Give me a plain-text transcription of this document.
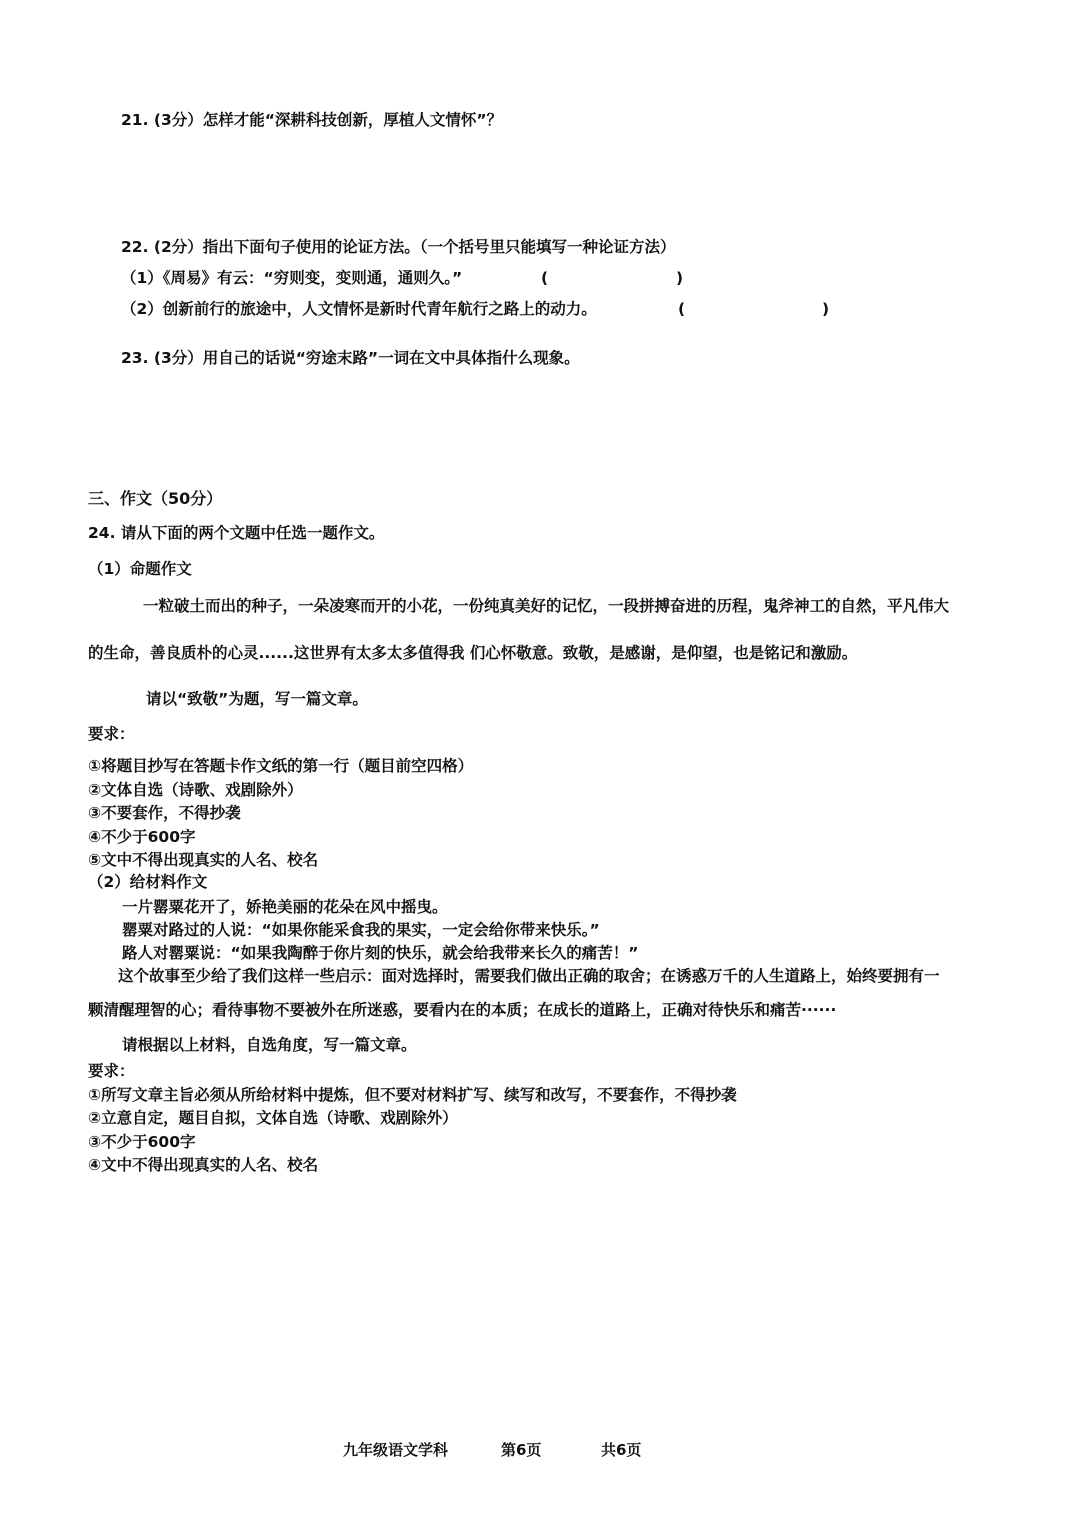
21. (3分）怎样才能“深耕科技创新，厚植人文情怀”？
22. (2分）指出下面句子使用的论证方法。（一个括号里只能填写一种论证方法）
（1）《周易》有云：“穷则变，变则通，通则久。”	(	)
（2）创新前行的旅途中，人文情怀是新时代青年航行之路上的动力。	(	)
23. (3分）用自己的话说“穷途末路”一词在文中具体指什么现象。
三、作文（50分）
24. 请从下面的两个文题中任选一题作文。
（1）命题作文
一粒破土而出的种子，一朵凌寒而开的小花，一份纯真美好的记忆，一段拼搏奋进的历程，鬼斧神工的自然，平凡伟大
的生命，善良质朴的心灵......这世界有太多太多值得我 们心怀敬意。致敬，是感谢，是仰望，也是铭记和激励。
请以“致敬”为题，写一篇文章。
要求：
①将题目抄写在答题卡作文纸的第一行（题目前空四格）
②文体自选（诗歌、戏剧除外）
③不要套作，不得抄袭
④不少于600字
⑤文中不得出现真实的人名、校名
（2）给材料作文
一片罂粟花开了，娇艳美丽的花朵在风中摇曳。
罂粟对路过的人说：“如果你能采食我的果实，一定会给你带来快乐。”
路人对罂粟说：“如果我陶醉于你片刻的快乐，就会给我带来长久的痛苦！”
这个故事至少给了我们这样一些启示：面对选择时，需要我们做出正确的取舍；在诱惑万千的人生道路上，始终要拥有一
颗清醒理智的心；看待事物不要被外在所迷惑，要看内在的本质；在成长的道路上，正确对待快乐和痛苦······
请根据以上材料，自选角度，写一篇文章。
要求：
①所写文章主旨必须从所给材料中提炼，但不要对材料扩写、续写和改写，不要套作，不得抄袭
②立意自定，题目自拟，文体自选（诗歌、戏剧除外）
③不少于600字
④文中不得出现真实的人名、校名
九年级语文学科	第6页	共6页
